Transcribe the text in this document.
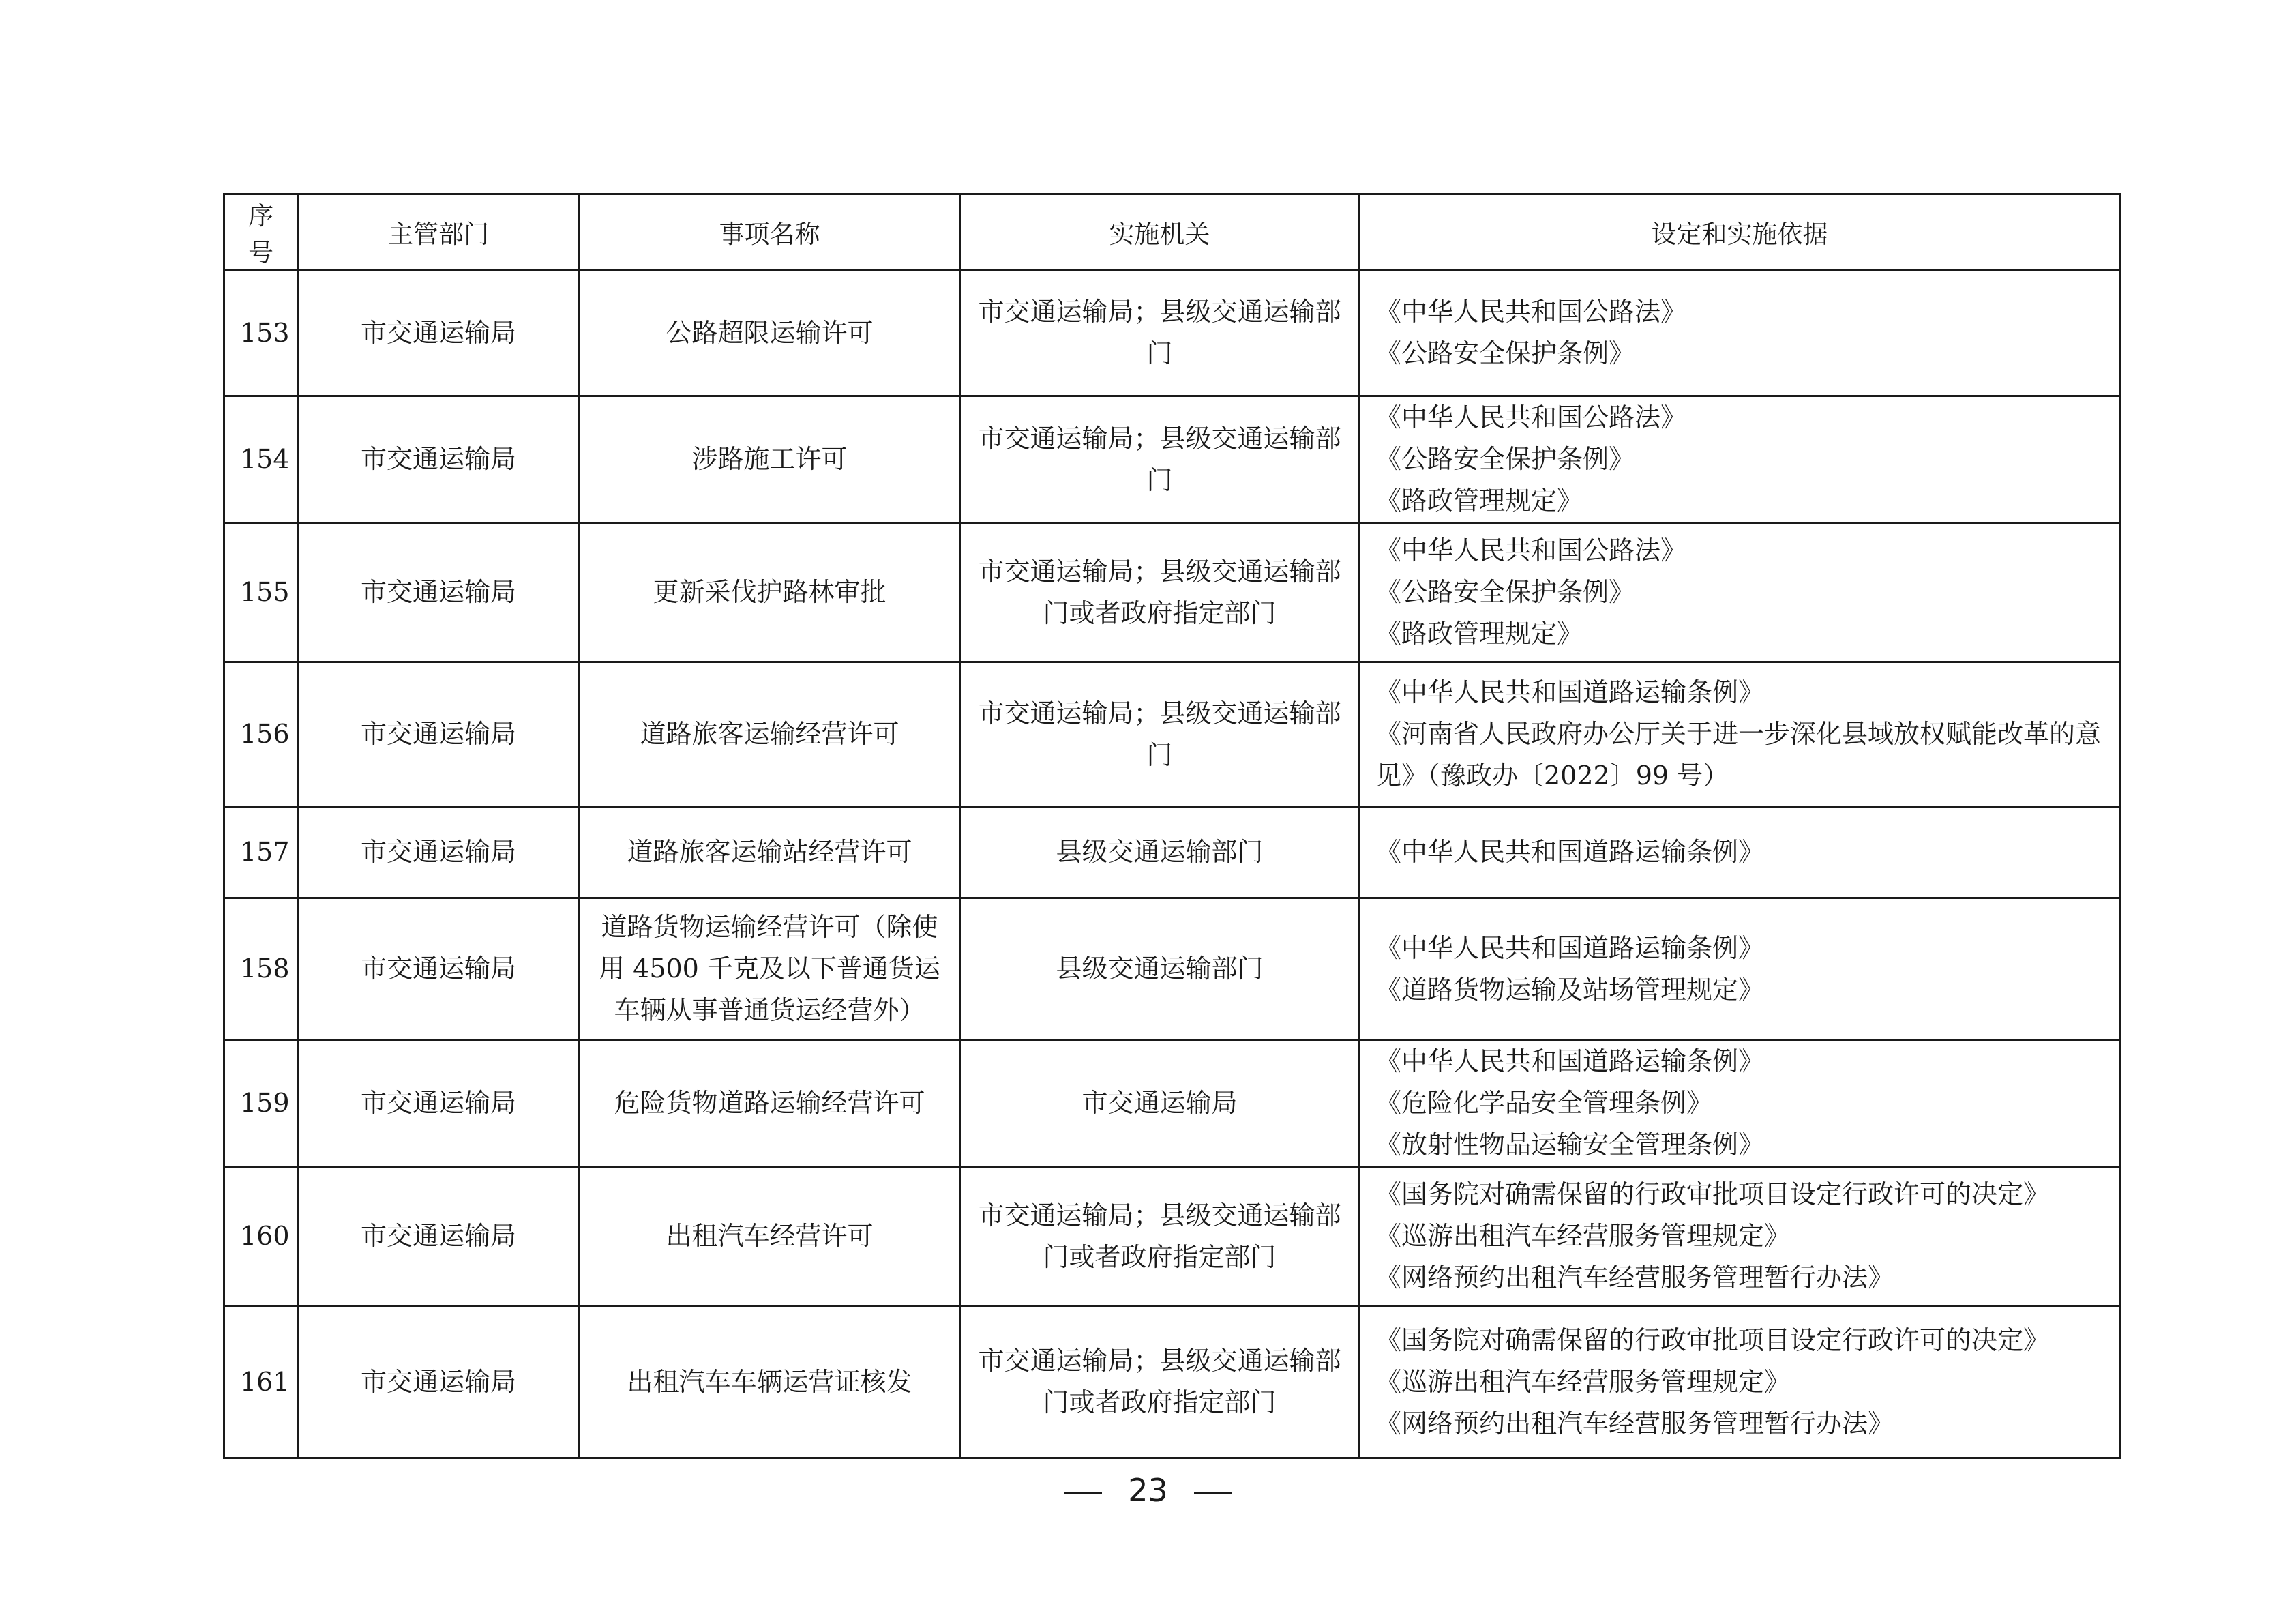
序号	主管部门	事项名称	实施机关	设定和实施依据
153	市交通运输局	公路超限运输许可	市交通运输局；县级交通运输部门	《中华人民共和国公路法》
《公路安全保护条例》

154	市交通运输局	涉路施工许可	市交通运输局；县级交通运输部门	《中华人民共和国公路法》
《公路安全保护条例》
《路政管理规定》

155	市交通运输局	更新采伐护路林审批	市交通运输局；县级交通运输部门或者政府指定部门	《中华人民共和国公路法》
《公路安全保护条例》
《路政管理规定》

156	市交通运输局	道路旅客运输经营许可	市交通运输局；县级交通运输部门	《中华人民共和国道路运输条例》
《河南省人民政府办公厅关于进一步深化县域放权赋能改革的意见》（豫政办〔2022〕99 号）

157	市交通运输局	道路旅客运输站经营许可	县级交通运输部门	《中华人民共和国道路运输条例》

158	市交通运输局	道路货物运输经营许可（除使用 4500 千克及以下普通货运车辆从事普通货运经营外）	县级交通运输部门	《中华人民共和国道路运输条例》
《道路货物运输及站场管理规定》

159	市交通运输局	危险货物道路运输经营许可	市交通运输局	《中华人民共和国道路运输条例》
《危险化学品安全管理条例》
《放射性物品运输安全管理条例》

160	市交通运输局	出租汽车经营许可	市交通运输局；县级交通运输部门或者政府指定部门	《国务院对确需保留的行政审批项目设定行政许可的决定》
《巡游出租汽车经营服务管理规定》
《网络预约出租汽车经营服务管理暂行办法》

161	市交通运输局	出租汽车车辆运营证核发	市交通运输局；县级交通运输部门或者政府指定部门	《国务院对确需保留的行政审批项目设定行政许可的决定》
《巡游出租汽车经营服务管理规定》
《网络预约出租汽车经营服务管理暂行办法》
23
